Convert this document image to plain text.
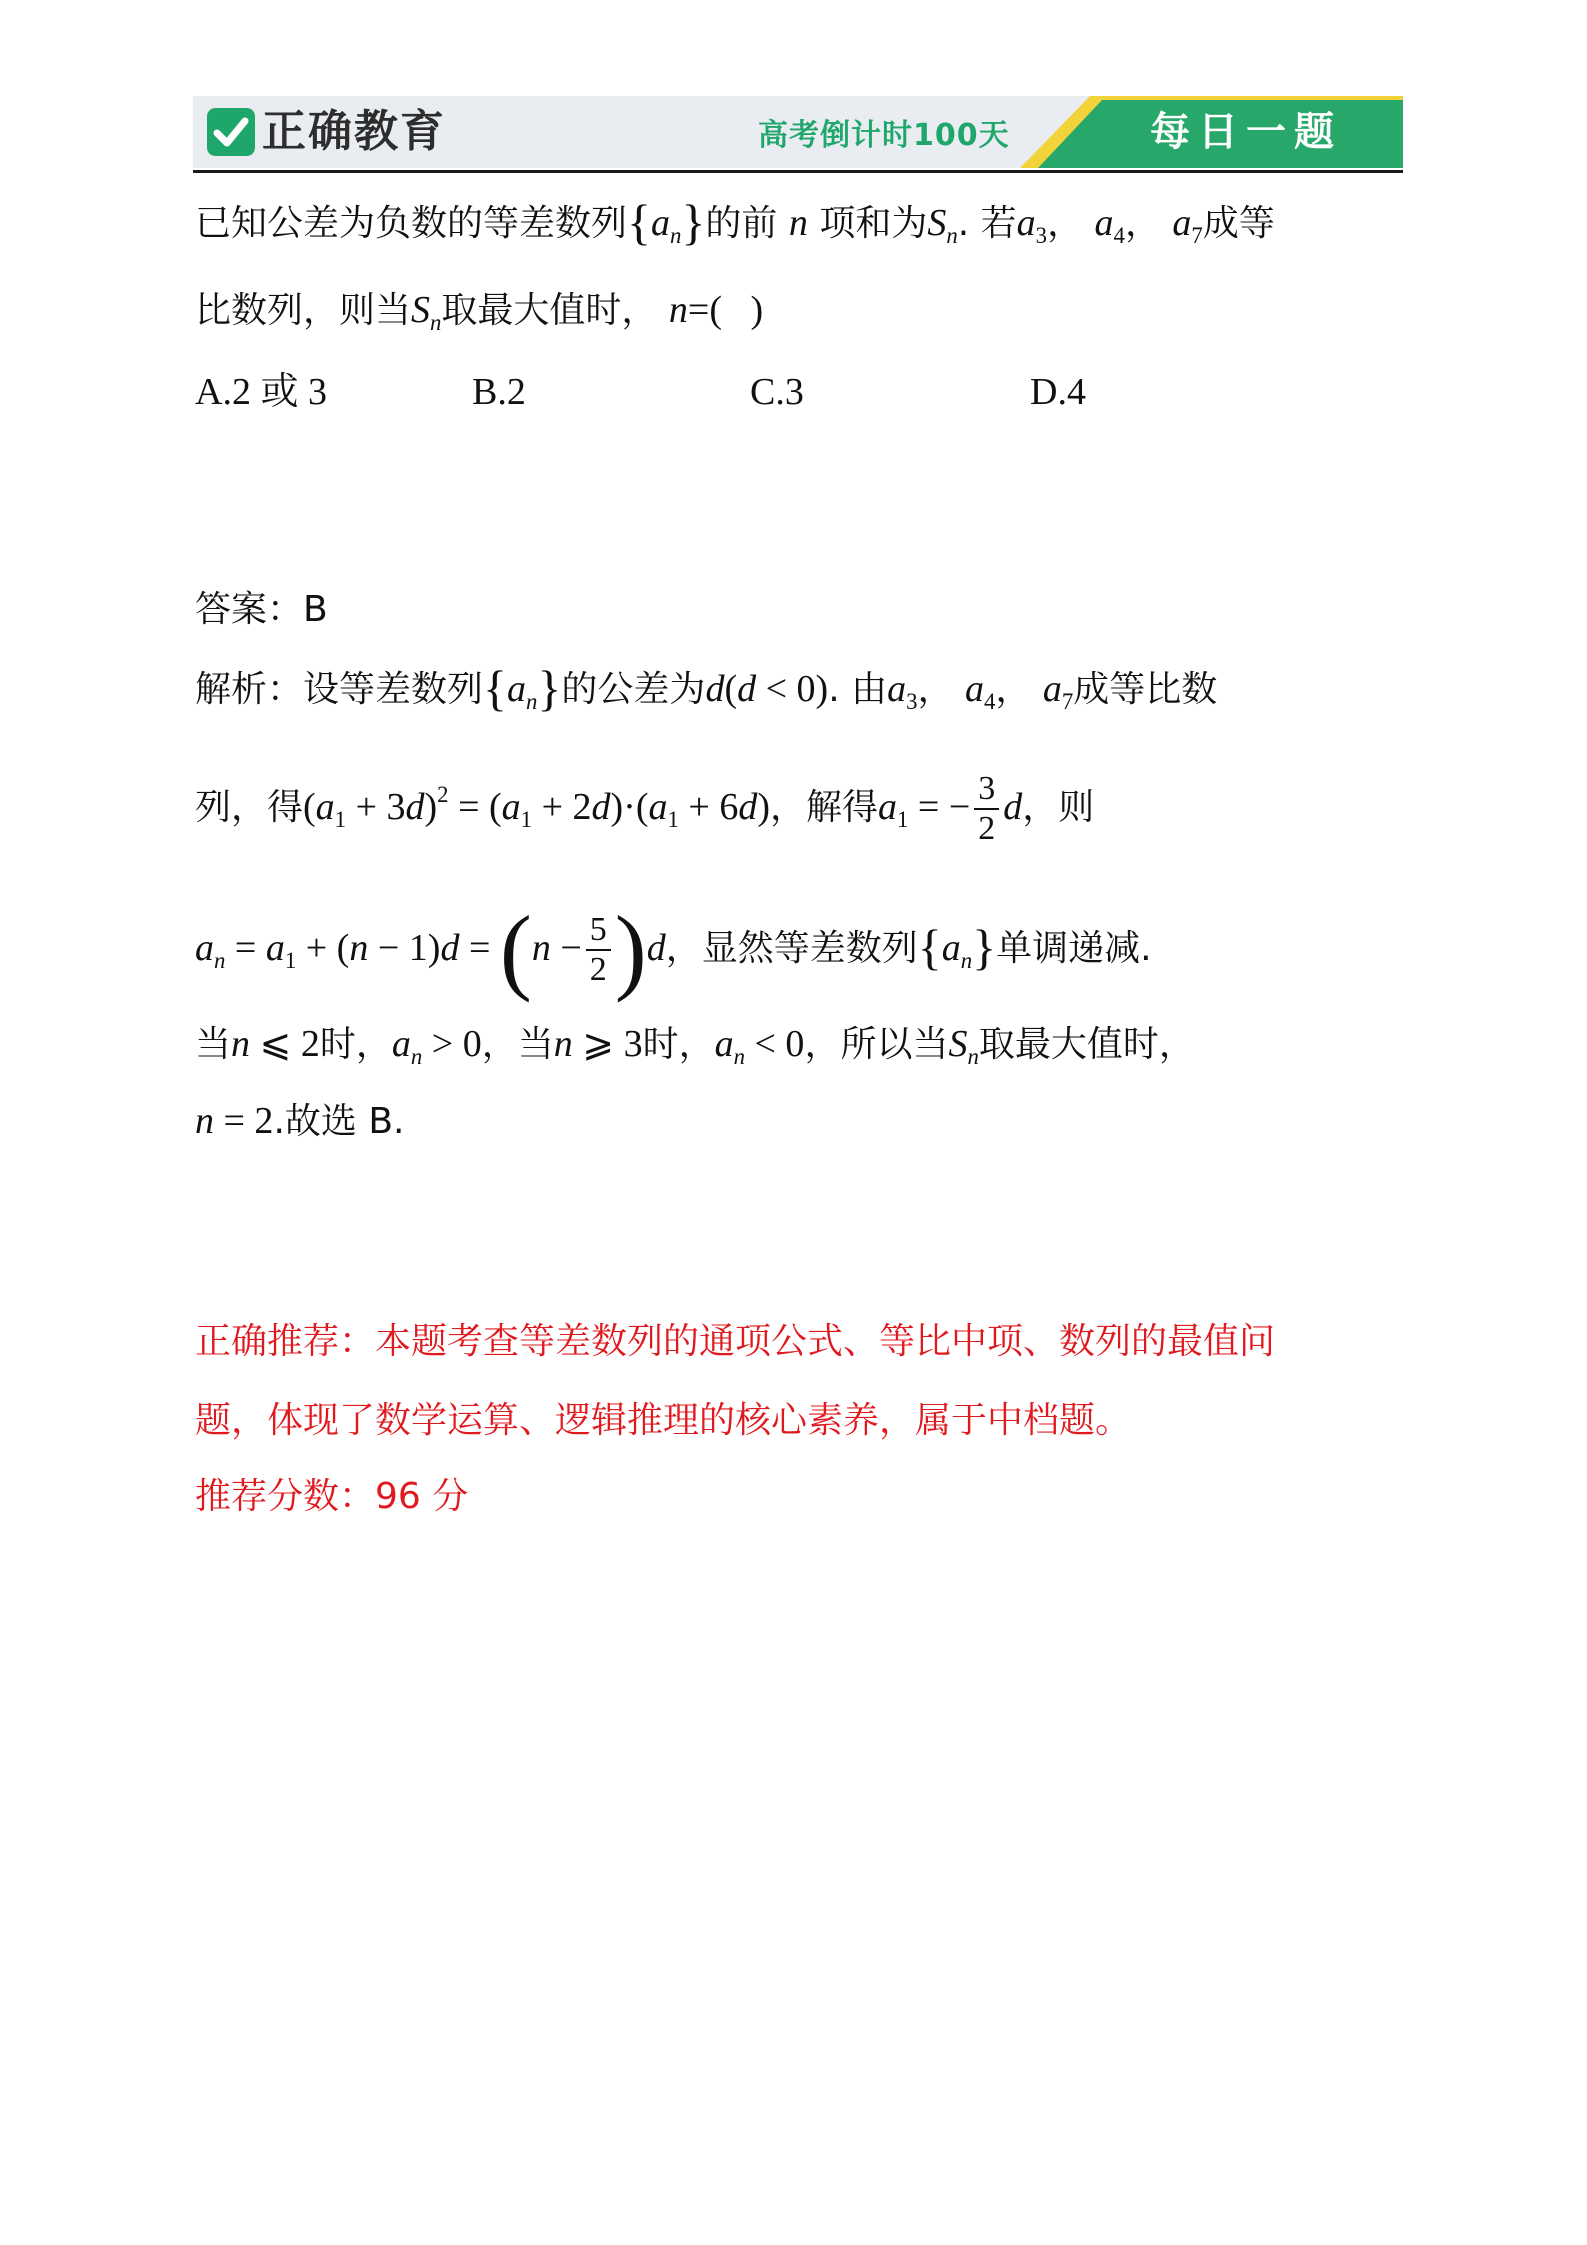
正确教育	高考倒计时100天	每日一题
已知公差为负数的等差数列$\{a_n\}$的前 n 项和为$S_n$. 若$a_3$， $a_4$， $a_7$成等
比数列，则当$S_n$取最大值时， n=(   )
A.2 或 3	B.2	C.3	D.4
答案：B
解析：设等差数列$\{a_n\}$的公差为d(d < 0). 由$a_3$， $a_4$， $a_7$成等比数
列，得$(a_1 + 3d)^2 = (a_1 + 2d)\cdot(a_1 + 6d)$，解得$a_1$ = − $\frac{3}{2}$ d，则
$a_n = a_1 + (n - 1)d = (n - \frac{5}{2} )d$，显然等差数列$\{a_n\}$单调递减.
当n ⩽ 2时，$a_n > 0$，当n ⩾ 3时，$a_n < 0$，所以当$S_n$取最大值时，
n = 2.故选 B.
正确推荐：本题考查等差数列的通项公式、等比中项、数列的最值问
题，体现了数学运算、逻辑推理的核心素养，属于中档题。
推荐分数：96 分
